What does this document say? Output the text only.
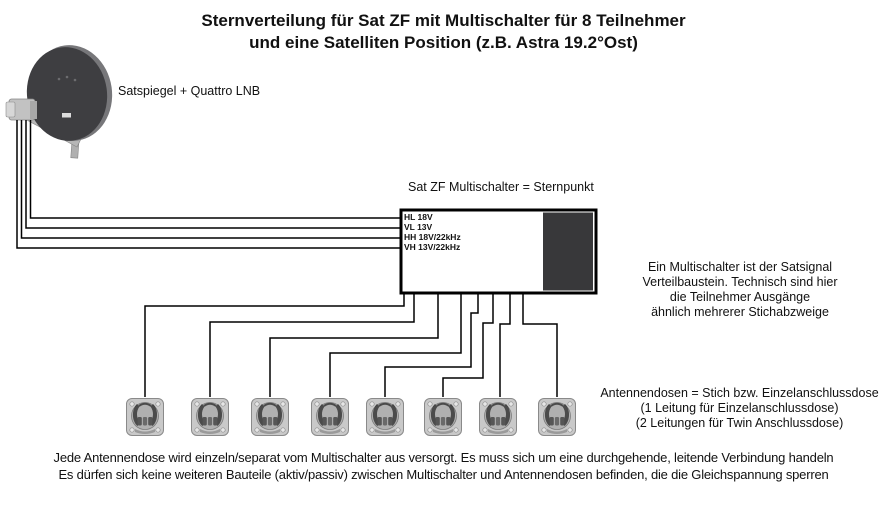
Sternverteilung für Sat ZF mit Multischalter für 8 Teilnehmer
und eine Satelliten Position (z.B. Astra 19.2°Ost)
Satspiegel + Quattro LNB
Sat ZF Multischalter = Sternpunkt
HL 18V
VL 13V
HH 18V/22kHz
VH 13V/22kHz
Ein Multischalter ist der Satsignal
Verteilbaustein. Technisch sind hier
die Teilnehmer Ausgänge
ähnlich mehrerer Stichabzweige
Antennendosen = Stich bzw. Einzelanschlussdose
(1 Leitung für Einzelanschlussdose)
(2 Leitungen für Twin Anschlussdose)
Jede Antennendose wird einzeln/separat vom Multischalter aus versorgt. Es muss sich um eine durchgehende, leitende Verbindung handeln
Es dürfen sich keine weiteren Bauteile (aktiv/passiv) zwischen Multischalter und Antennendosen befinden, die die Gleichspannung sperren
